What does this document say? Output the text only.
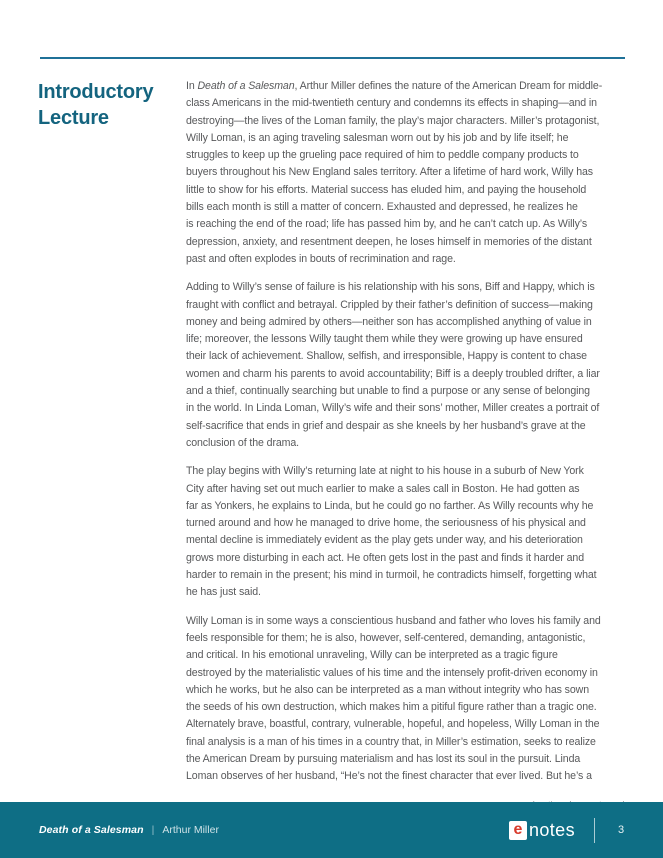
Introductory
Lecture
In Death of a Salesman, Arthur Miller defines the nature of the American Dream for middle-
class Americans in the mid-twentieth century and condemns its effects in shaping—and in
destroying—the lives of the Loman family, the play’s major characters. Miller’s protagonist,
Willy Loman, is an aging traveling salesman worn out by his job and by life itself; he
struggles to keep up the grueling pace required of him to peddle company products to
buyers throughout his New England sales territory. After a lifetime of hard work, Willy has
little to show for his efforts. Material success has eluded him, and paying the household
bills each month is still a matter of concern. Exhausted and depressed, he realizes he
is reaching the end of the road; life has passed him by, and he can’t catch up. As Willy’s
depression, anxiety, and resentment deepen, he loses himself in memories of the distant
past and often explodes in bouts of recrimination and rage.
Adding to Willy’s sense of failure is his relationship with his sons, Biff and Happy, which is
fraught with conflict and betrayal. Crippled by their father’s definition of success—making
money and being admired by others—neither son has accomplished anything of value in
life; moreover, the lessons Willy taught them while they were growing up have ensured
their lack of achievement. Shallow, selfish, and irresponsible, Happy is content to chase
women and charm his parents to avoid accountability; Biff is a deeply troubled drifter, a liar
and a thief, continually searching but unable to find a purpose or any sense of belonging
in the world. In Linda Loman, Willy’s wife and their sons’ mother, Miller creates a portrait of
self-sacrifice that ends in grief and despair as she kneels by her husband’s grave at the
conclusion of the drama.
The play begins with Willy’s returning late at night to his house in a suburb of New York
City after having set out much earlier to make a sales call in Boston. He had gotten as
far as Yonkers, he explains to Linda, but he could go no farther. As Willy recounts why he
turned around and how he managed to drive home, the seriousness of his physical and
mental decline is immediately evident as the play gets under way, and his deterioration
grows more disturbing in each act. He often gets lost in the past and finds it harder and
harder to remain in the present; his mind in turmoil, he contradicts himself, forgetting what
he has just said.
Willy Loman is in some ways a conscientious husband and father who loves his family and
feels responsible for them; he is also, however, self-centered, demanding, antagonistic,
and critical. In his emotional unraveling, Willy can be interpreted as a tragic figure
destroyed by the materialistic values of his time and the intensely profit-driven economy in
which he works, but he also can be interpreted as a man without integrity who has sown
the seeds of his own destruction, which makes him a pitiful figure rather than a tragic one.
Alternately brave, boastful, contrary, vulnerable, hopeful, and hopeless, Willy Loman in the
final analysis is a man of his times in a country that, in Miller’s estimation, seeks to realize
the American Dream by pursuing materialism and has lost its soul in the pursuit. Linda
Loman observes of her husband, “He’s not the finest character that ever lived. But he’s a
Death of a Salesman | Arthur Miller	e notes	3
